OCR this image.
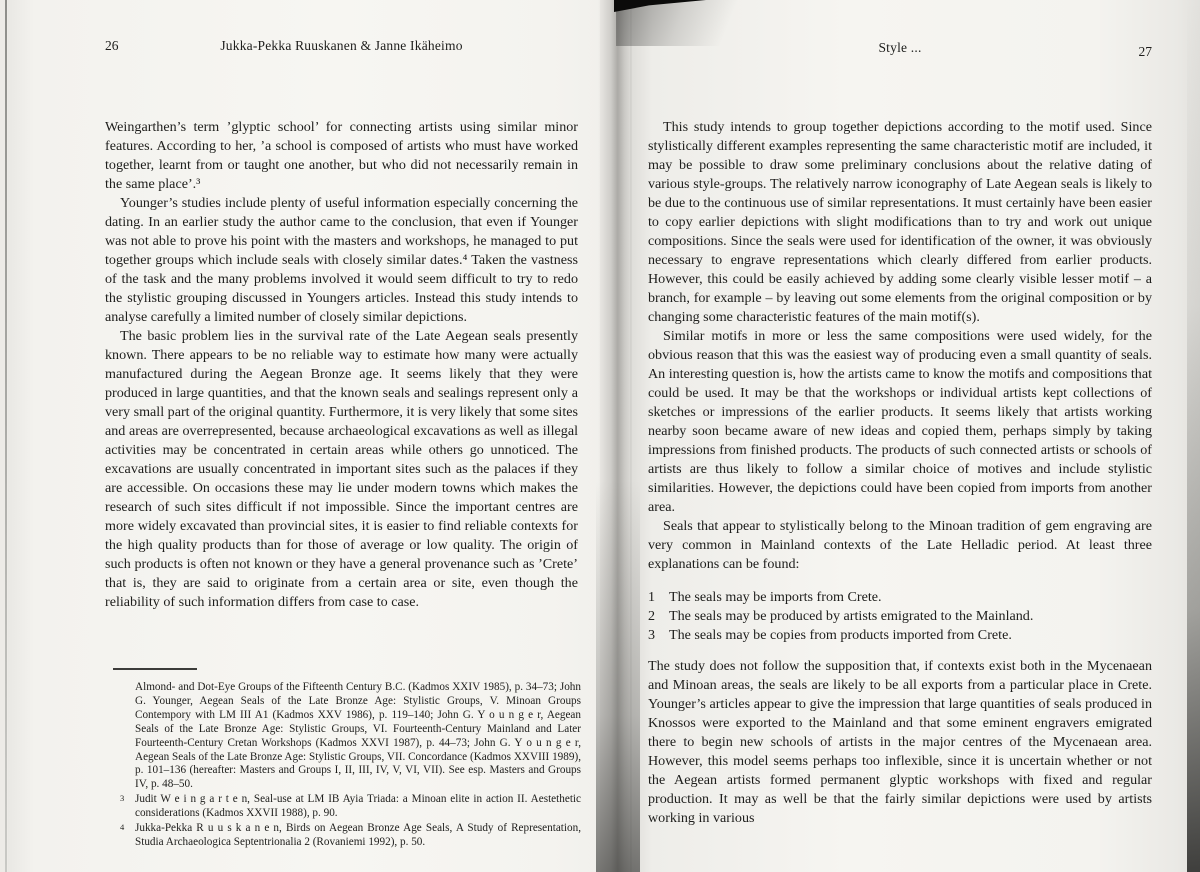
26	Jukka-Pekka Ruuskanen & Janne Ikäheimo

Weingarthen’s term ’glyptic school’ for connecting artists using similar minor features. According to her, ’a school is composed of artists who must have worked together, learnt from or taught one another, but who did not necessarily remain in the same place’.³

Younger’s studies include plenty of useful information especially concerning the dating. In an earlier study the author came to the conclusion, that even if Younger was not able to prove his point with the masters and workshops, he managed to put together groups which include seals with closely similar dates.⁴ Taken the vastness of the task and the many problems involved it would seem difficult to try to redo the stylistic grouping discussed in Youngers articles. Instead this study intends to analyse carefully a limited number of closely similar depictions.

The basic problem lies in the survival rate of the Late Aegean seals presently known. There appears to be no reliable way to estimate how many were actually manufactured during the Aegean Bronze age. It seems likely that they were produced in large quantities, and that the known seals and sealings represent only a very small part of the original quantity. Furthermore, it is very likely that some sites and areas are overrepresented, because archaeological excavations as well as illegal activities may be concentrated in certain areas while others go unnoticed. The excavations are usually concentrated in important sites such as the palaces if they are accessible. On occasions these may lie under modern towns which makes the research of such sites difficult if not impossible. Since the important centres are more widely excavated than provincial sites, it is easier to find reliable contexts for the high quality products than for those of average or low quality. The origin of such products is often not known or they have a general provenance such as ’Crete’ that is, they are said to originate from a certain area or site, even though the reliability of such information differs from case to case.

Almond- and Dot-Eye Groups of the Fifteenth Century B.C. (Kadmos XXIV 1985), p. 34–73; John G. Younger, Aegean Seals of the Late Bronze Age: Stylistic Groups, V. Minoan Groups Contempory with LM III A1 (Kadmos XXV 1986), p. 119–140; John G. Y o u n g e r, Aegean Seals of the Late Bronze Age: Stylistic Groups, VI. Fourteenth-Century Mainland and Later Fourteenth-Century Cretan Workshops (Kadmos XXVI 1987), p. 44–73; John G. Y o u n g e r, Aegean Seals of the Late Bronze Age: Stylistic Groups, VII. Concordance (Kadmos XXVIII 1989), p. 101–136 (hereafter: Masters and Groups I, II, III, IV, V, VI, VII). See esp. Masters and Groups IV, p. 48–50.
3 Judit W e i n g a r t e n, Seal-use at LM IB Ayia Triada: a Minoan elite in action II. Aestethetic considerations (Kadmos XXVII 1988), p. 90.
4 Jukka-Pekka R u u s k a n e n, Birds on Aegean Bronze Age Seals, A Study of Representation, Studia Archaeologica Septentrionalia 2 (Rovaniemi 1992), p. 50.
Style ...	27

This study intends to group together depictions according to the motif used. Since stylistically different examples representing the same characteristic motif are included, it may be possible to draw some preliminary conclusions about the relative dating of various style-groups. The relatively narrow iconography of Late Aegean seals is likely to be due to the continuous use of similar representations. It must certainly have been easier to copy earlier depictions with slight modifications than to try and work out unique compositions. Since the seals were used for identification of the owner, it was obviously necessary to engrave representations which clearly differed from earlier products. However, this could be easily achieved by adding some clearly visible lesser motif – a branch, for example – by leaving out some elements from the original composition or by changing some characteristic features of the main motif(s).

Similar motifs in more or less the same compositions were used widely, for the obvious reason that this was the easiest way of producing even a small quantity of seals. An interesting question is, how the artists came to know the motifs and compositions that could be used. It may be that the workshops or individual artists kept collections of sketches or impressions of the earlier products. It seems likely that artists working nearby soon became aware of new ideas and copied them, perhaps simply by taking impressions from finished products. The products of such connected artists or schools of artists are thus likely to follow a similar choice of motives and include stylistic similarities. However, the depictions could have been copied from imports from another area.

Seals that appear to stylistically belong to the Minoan tradition of gem engraving are very common in Mainland contexts of the Late Helladic period. At least three explanations can be found:

1 The seals may be imports from Crete.
2 The seals may be produced by artists emigrated to the Mainland.
3 The seals may be copies from products imported from Crete.

The study does not follow the supposition that, if contexts exist both in the Mycenaean and Minoan areas, the seals are likely to be all exports from a particular place in Crete. Younger’s articles appear to give the impression that large quantities of seals produced in Knossos were exported to the Mainland and that some eminent engravers emigrated there to begin new schools of artists in the major centres of the Mycenaean area. However, this model seems perhaps too inflexible, since it is uncertain whether or not the Aegean artists formed permanent glyptic workshops with fixed and regular production. It may as well be that the fairly similar depictions were used by artists working in various
